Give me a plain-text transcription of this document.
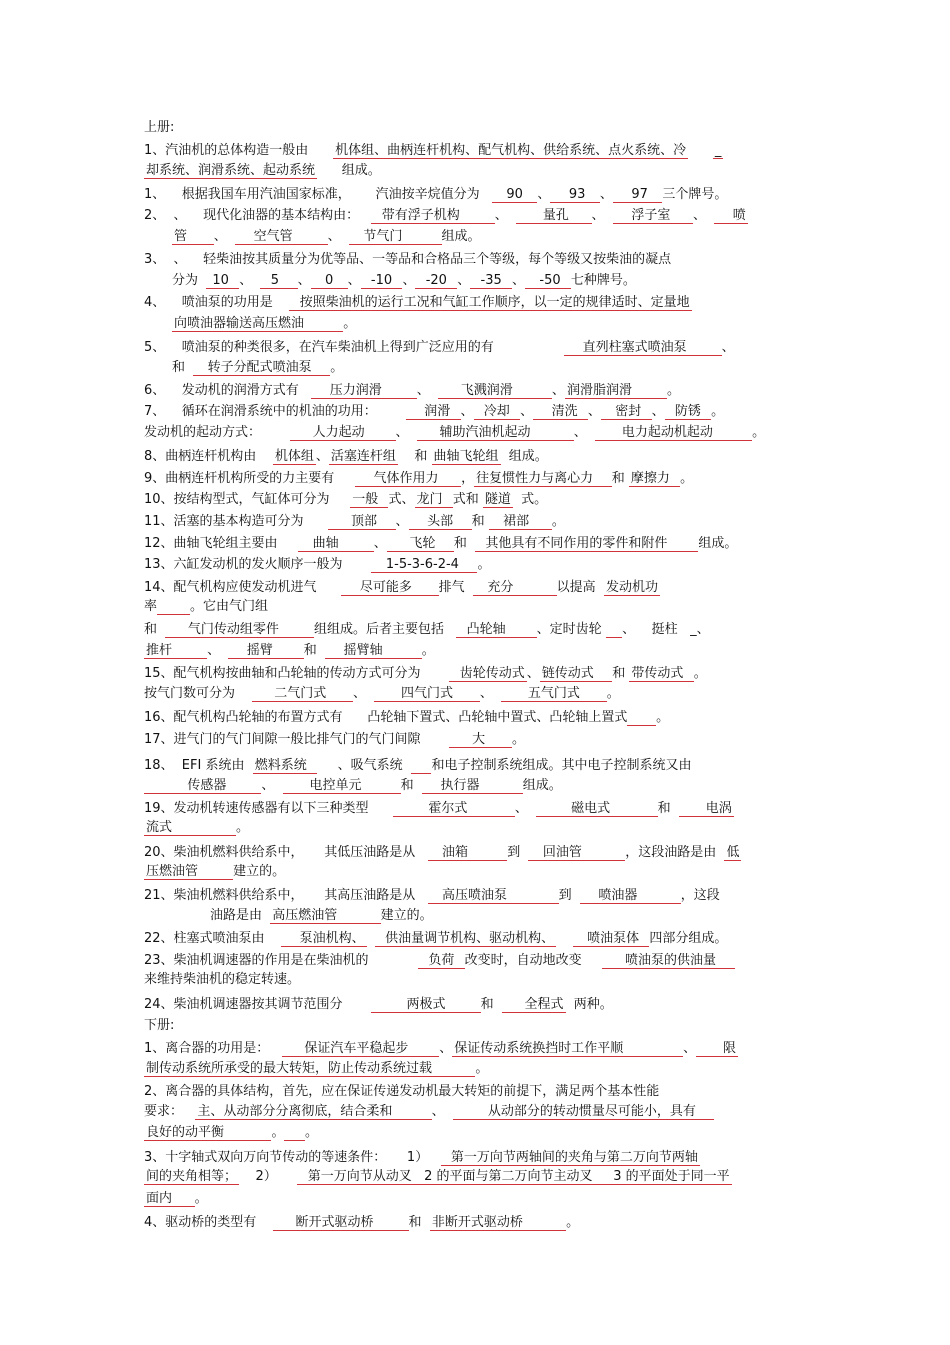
上册:
下册:
1、汽油机的总体构造一般由      机体组、曲柄连杆机构、配气机构、供给系统、点火系统、冷 _
却系统、润滑系统、起动系统      组成。
1、    根据我国车用汽油国家标准，      汽油按辛烷值分为      90   、    93   、    97   三个牌号。
2、  、    现代化油器的基本结构由：     带有浮子机构        、        量孔     、      浮子室     、      喷
管      、      空气管        、     节气门         组成。
3、  、    轻柴油按其质量分为优等品、一等品和合格品三个等级，每个等级又按柴油的凝点
分为   10  、    5    、   0   、  -10  、  -20  、  -35  、   -50  七种牌号。
4、    喷油泵的功用是      按照柴油机的运行工况和气缸工作顺序，以一定的规律适时、定量地
向喷油器输送高压燃油         。
5、    喷油泵的种类很多，在汽车柴油机上得到广泛应用的有                     直列柱塞式喷油泵        、
和     转子分配式喷油泵    。
6、    发动机的润滑方式有       压力润滑        、       飞溅润滑         、 润滑脂润滑        。
7、    循环在润滑系统中的机油的功用：           润滑  、  冷却  、    清洗  、   密封  、  防锈  。
发动机的起动方式：            人力起动       、       辅助汽油机起动          、        电力起动机起动         。
8、曲柄连杆机构由    机体组 、 活塞连杆组    和 曲轴飞轮组  组成。
9、曲柄连杆机构所受的力主要有         气体作用力     ， 往复惯性力与离心力    和 摩擦力  。
10、按结构型式，气缸体可分为     一般  式、 龙门  式和 隧道  式。
11、活塞的基本构造可分为           顶部    、    头部    和    裙部     。
12、曲轴飞轮组主要由        曲轴        、     飞轮    和    其他具有不同作用的零件和附件       组成。
13、六缸发动机的发火顺序一般为          1-5-3-6-2-4    。
14、配气机构应使发动机进气          尽可能多      排气     充分          以提高  发动机功
率	。它由气门组
和       气门传动组零件        组组成。后者主要包括     凸轮轴       、定时齿轮    、    挺柱   _、
推杆        、      摇臂       和      摇臂轴         。
15、配气机构按曲轴和凸轮轴的传动方式可分为         齿轮传动式 、 链传动式    和 带传动式  。
按气门数可分为         二气门式      、        四气门式      、        五气门式      。
16、配气机构凸轮轴的布置方式有      凸轮轴下置式、凸轮轴中置式、凸轮轴上置式 。
17、进气门的气门间隙一般比排气门的气门间隙            大      。
18、  EFI 系统由  燃料系统       、吸气系统      和电子控制系统组成。其中电子控制系统又由
传感器        、        电控单元         和      执行器          组成。
19、发动机转速传感器有以下三种类型              霍尔式           、          磁电式           和        电涡
流式               。
20、柴油机燃料供给系中，     其低压油路是从      油箱         到     回油管          ，这段油路是由  低
压燃油管        建立的。
21、柴油机燃料供给系中，     其高压油路是从      高压喷油泵            到      喷油器          ，这段
油路是由  高压燃油管          建立的。
22、柱塞式喷油泵由        泵油机构、    供油量调节机构、驱动机构、       喷油泵体  四部分组成。
23、柴油机调速器的作用是在柴油机的              负荷  改变时，自动地改变          喷油泵的供油量
来维持柴油机的稳定转速。
24、柴油机调速器按其调节范围分               两极式        和       全程式  两种。
1、离合器的功用是：        保证汽车平稳起步       、 保证传动系统换挡时工作平顺              、      限
制传动系统所承受的最大转矩，防止传动系统过载          。
2、离合器的具体结构，首先，应在保证传递发动机最大转矩的前提下，满足两个基本性能
要求：   主、从动部分分离彻底，结合柔和         、          从动部分的转动惯量尽可能小，具有
良好的动平衡           。 。
3、十字轴式双向万向节传动的等速条件：     1）     第一万向节两轴间的夹角与第二万向节两轴
间的夹角相等；    2）       第一万向节从动叉   2 的平面与第二万向节主动叉     3 的平面处于同一平
面内     。
4、驱动桥的类型有         断开式驱动桥        和  非断开式驱动桥          。
